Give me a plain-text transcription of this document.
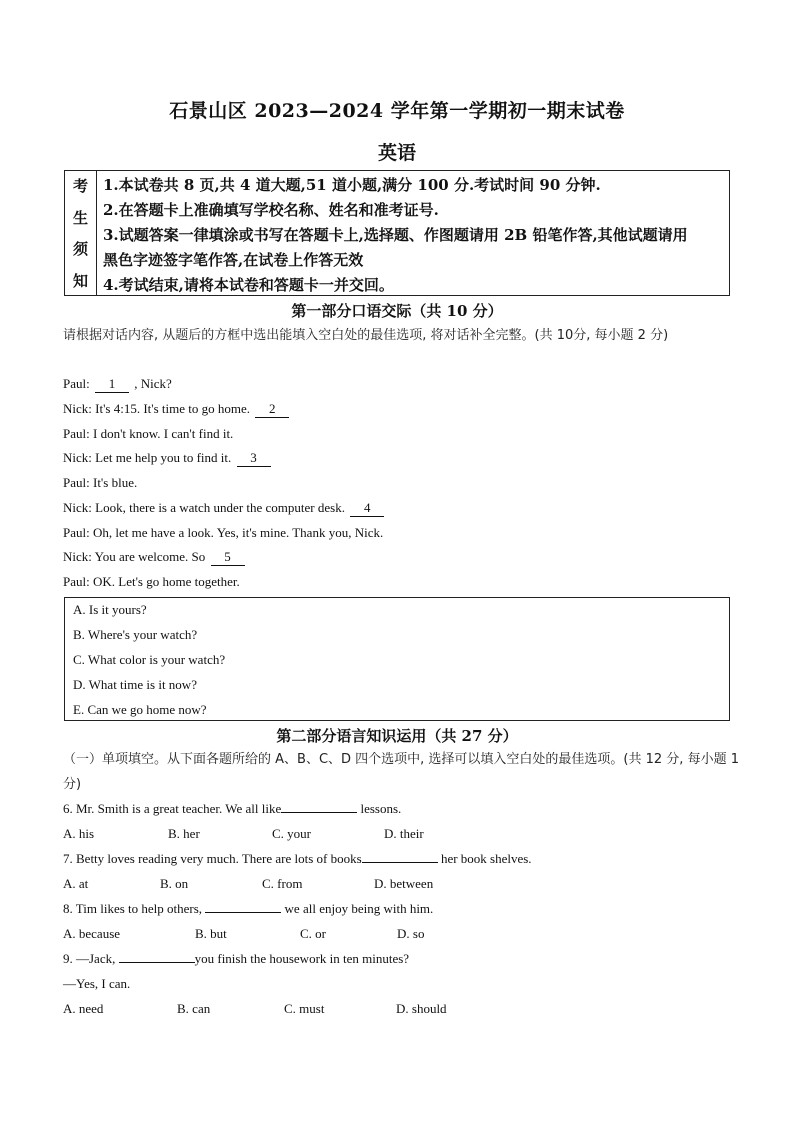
石景山区 2023—2024 学年第一学期初一期末试卷
英语
考
生
须
知
1.本试卷共 8 页,共 4 道大题,51 道小题,满分 100 分.考试时间 90 分钟.
2.在答题卡上准确填写学校名称、姓名和准考证号.
3.试题答案一律填涂或书写在答题卡上,选择题、作图题请用 2B 铅笔作答,其他试题请用
黑色字迹签字笔作答,在试卷上作答无效
4.考试结束,请将本试卷和答题卡一并交回。
第一部分口语交际（共 10 分）
请根据对话内容, 从题后的方框中选出能填入空白处的最佳选项, 将对话补全完整。(共 10分, 每小题 2 分)
Paul: 1 , Nick?
Nick: It's 4:15. It's time to go home. 2
Paul: I don't know. I can't find it.
Nick: Let me help you to find it. 3
Paul: It's blue.
Nick: Look, there is a watch under the computer desk. 4
Paul: Oh, let me have a look. Yes, it's mine. Thank you, Nick.
Nick: You are welcome. So 5
Paul: OK. Let's go home together.
A. Is it yours?
B. Where's your watch?
C. What color is your watch?
D. What time is it now?
E. Can we go home now?
第二部分语言知识运用（共 27 分）
（一）单项填空。从下面各题所给的 A、B、C、D 四个选项中, 选择可以填入空白处的最佳选项。(共 12 分, 每小题 1 分)
6. Mr. Smith is a great teacher. We all like	lessons.
A. his	B. her	C. your	D. their
7. Betty loves reading very much. There are lots of books	her book shelves.
A. at	B. on	C. from	D. between
8. Tim likes to help others,	we all enjoy being with him.
A. because	B. but	C. or	D. so
9. —Jack,	you finish the housework in ten minutes?
—Yes, I can.
A. need	B. can	C. must	D. should
